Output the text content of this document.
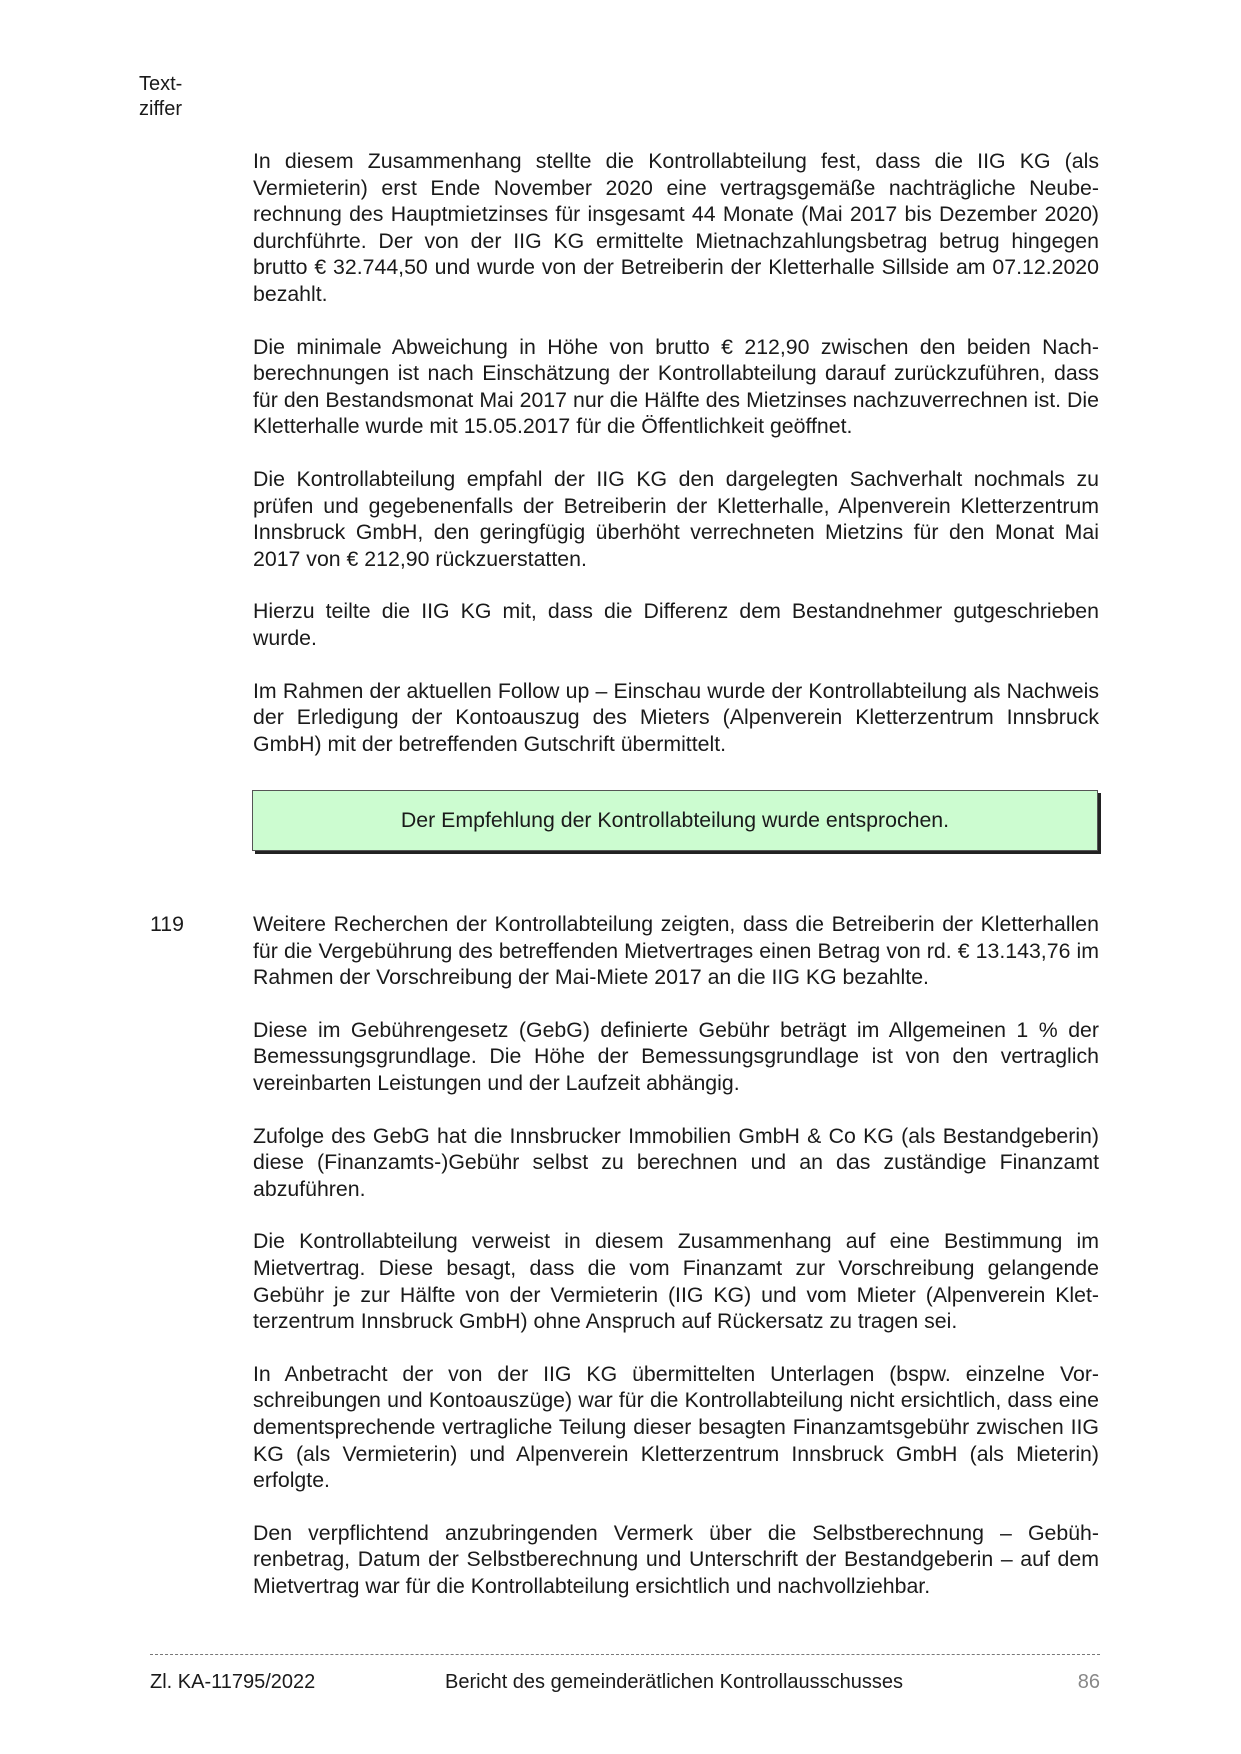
Text-
ziffer

In diesem Zusammenhang stellte die Kontrollabteilung fest, dass die IIG KG (als Vermieterin) erst Ende November 2020 eine vertragsgemäße nachträgliche Neuberechnung des Hauptmietzinses für insgesamt 44 Monate (Mai 2017 bis Dezember 2020) durchführte. Der von der IIG KG ermittelte Mietnachzahlungsbetrag betrug hingegen brutto € 32.744,50 und wurde von der Betreiberin der Kletterhalle Sillside am 07.12.2020 bezahlt.

Die minimale Abweichung in Höhe von brutto € 212,90 zwischen den beiden Nachberechnungen ist nach Einschätzung der Kontrollabteilung darauf zurückzuführen, dass für den Bestandsmonat Mai 2017 nur die Hälfte des Mietzinses nachzuverrechnen ist. Die Kletterhalle wurde mit 15.05.2017 für die Öffentlichkeit geöffnet.

Die Kontrollabteilung empfahl der IIG KG den dargelegten Sachverhalt nochmals zu prüfen und gegebenenfalls der Betreiberin der Kletterhalle, Alpenverein Kletterzentrum Innsbruck GmbH, den geringfügig überhöht verrechneten Mietzins für den Monat Mai 2017 von € 212,90 rückzuerstatten.

Hierzu teilte die IIG KG mit, dass die Differenz dem Bestandnehmer gutgeschrieben wurde.

Im Rahmen der aktuellen Follow up – Einschau wurde der Kontrollabteilung als Nachweis der Erledigung der Kontoauszug des Mieters (Alpenverein Kletterzentrum Innsbruck GmbH) mit der betreffenden Gutschrift übermittelt.

Der Empfehlung der Kontrollabteilung wurde entsprochen.
119	Weitere Recherchen der Kontrollabteilung zeigten, dass die Betreiberin der Kletterhallen für die Vergebührung des betreffenden Mietvertrages einen Betrag von rd. € 13.143,76 im Rahmen der Vorschreibung der Mai-Miete 2017 an die IIG KG bezahlte.

Diese im Gebührengesetz (GebG) definierte Gebühr beträgt im Allgemeinen 1 % der Bemessungsgrundlage. Die Höhe der Bemessungsgrundlage ist von den vertraglich vereinbarten Leistungen und der Laufzeit abhängig.

Zufolge des GebG hat die Innsbrucker Immobilien GmbH & Co KG (als Bestandgeberin) diese (Finanzamts-)Gebühr selbst zu berechnen und an das zuständige Finanzamt abzuführen.

Die Kontrollabteilung verweist in diesem Zusammenhang auf eine Bestimmung im Mietvertrag. Diese besagt, dass die vom Finanzamt zur Vorschreibung gelangende Gebühr je zur Hälfte von der Vermieterin (IIG KG) und vom Mieter (Alpenverein Kletterzentrum Innsbruck GmbH) ohne Anspruch auf Rückersatz zu tragen sei.

In Anbetracht der von der IIG KG übermittelten Unterlagen (bspw. einzelne Vorschreibungen und Kontoauszüge) war für die Kontrollabteilung nicht ersichtlich, dass eine dementsprechende vertragliche Teilung dieser besagten Finanzamtsgebühr zwischen IIG KG (als Vermieterin) und Alpenverein Kletterzentrum Innsbruck GmbH (als Mieterin) erfolgte.

Den verpflichtend anzubringenden Vermerk über die Selbstberechnung – Gebührenbetrag, Datum der Selbstberechnung und Unterschrift der Bestandgeberin – auf dem Mietvertrag war für die Kontrollabteilung ersichtlich und nachvollziehbar.

Zl. KA-11795/2022	Bericht des gemeinderätlichen Kontrollausschusses	86
